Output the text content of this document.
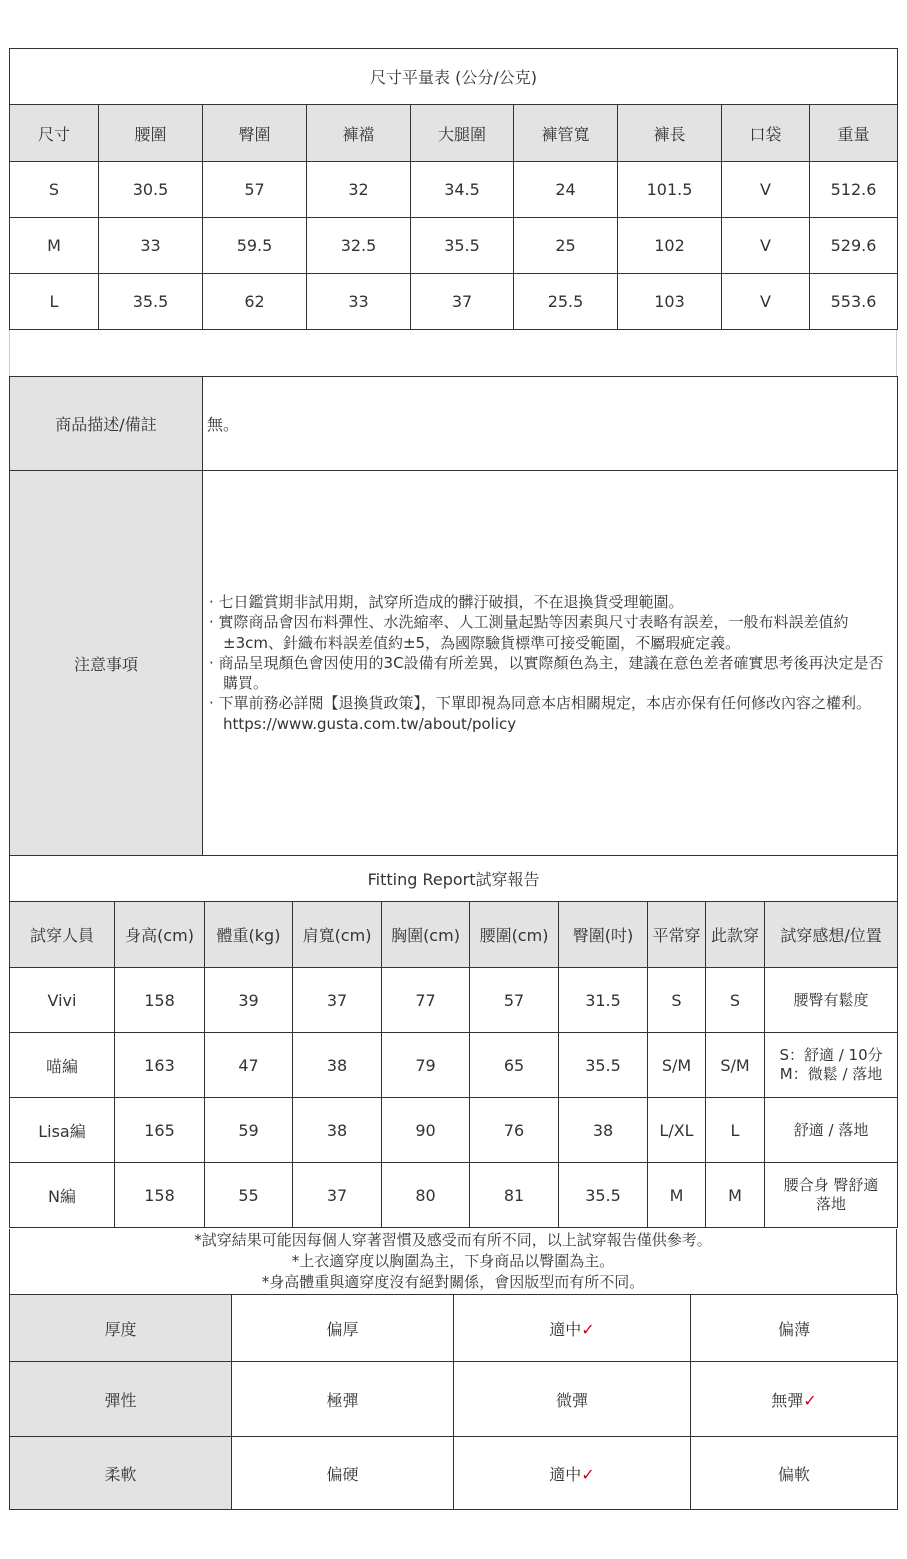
尺寸平量表 (公分/公克)								
尺寸	腰圍	臀圍	褲襠	大腿圍	褲管寬	褲長	口袋	重量
S	30.5	57	32	34.5	24	101.5	V	512.6
M	33	59.5	32.5	35.5	25	102	V	529.6
L	35.5	62	33	37	25.5	103	V	553.6
商品描述/備註	無。
注意事項	· 七日鑑賞期非試用期，試穿所造成的髒汙破損，不在退換貨受理範圍。
· 實際商品會因布料彈性、水洗縮率、人工測量起點等因素與尺寸表略有誤差，一般布料誤差值約±3cm、針織布料誤差值約±5，為國際驗貨標準可接受範圍，不屬瑕疵定義。
· 商品呈現顏色會因使用的3C設備有所差異，以實際顏色為主，建議在意色差者確實思考後再決定是否購買。
· 下單前務必詳閱【退換貨政策】，下單即視為同意本店相關規定，本店亦保有任何修改內容之權利。https://www.gusta.com.tw/about/policy
Fitting Report試穿報告									
試穿人員	身高(cm)	體重(kg)	肩寬(cm)	胸圍(cm)	腰圍(cm)	臀圍(吋)	平常穿	此款穿	試穿感想/位置
Vivi	158	39	37	77	57	31.5	S	S	腰臀有鬆度

喵編	163	47	38	79	65	35.5	S/M	S/M	S：舒適 / 10分
M：微鬆 / 落地

Lisa編	165	59	38	90	76	38	L/XL	L	舒適 / 落地

N編	158	55	37	80	81	35.5	M	M	腰合身 臀舒適
落地
*試穿結果可能因每個人穿著習慣及感受而有所不同，以上試穿報告僅供參考。
*上衣適穿度以胸圍為主，下身商品以臀圍為主。
*身高體重與適穿度沒有絕對關係，會因版型而有所不同。
厚度	偏厚	適中✓	偏薄
彈性	極彈	微彈	無彈✓
柔軟	偏硬	適中✓	偏軟
